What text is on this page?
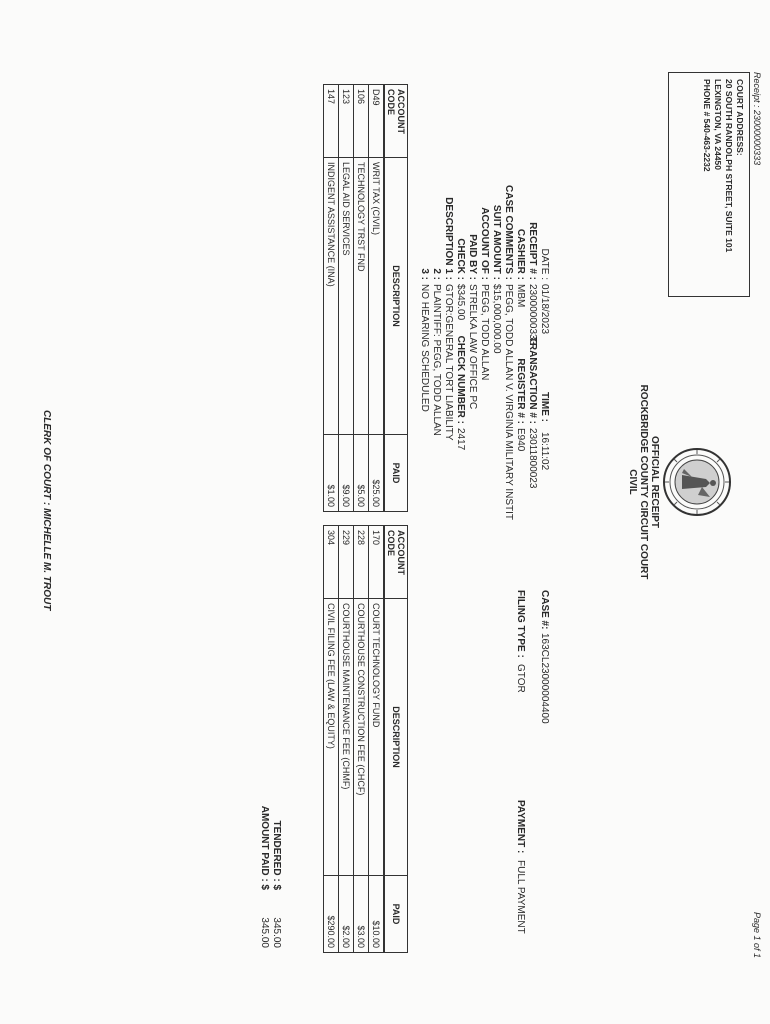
Receipt : 23000000333
Page 1 of 1
COURT ADDRESS:
20 SOUTH RANDOLPH STREET, SUITE 101
LEXINGTON, VA 24450
PHONE # 540-463-2232
OFFICIAL RECEIPT
ROCKBRIDGE COUNTY CIRCUIT COURT
CIVIL
DATE :
01/18/2023
TIME :
16:11:02
CASE #:
163CL23000004400
RECEIPT # :
23000000333
TRANSACTION # :
23011800023
CASHIER :
MBM
REGISTER # :
E940
FILING TYPE :
GTOR
PAYMENT :
FULL PAYMENT
CASE COMMENTS :
PEGG, TODD ALLAN V. VIRGINIA MILITARY INSTIT
SUIT AMOUNT :
$15,000,000.00
ACCOUNT OF :
PEGG, TODD ALLAN
PAID BY :
STRELKA LAW OFFICE PC
CHECK :
$345.00
CHECK NUMBER :
2417
DESCRIPTION 1 :
GTOR:GENERAL TORT LIABILITY
2 :
PLAINTIFF: PEGG, TODD ALLAN
3 :
NO HEARING SCHEDULED
ACCOUNT
CODE	DESCRIPTION	PAID
D49	WRIT TAX (CIVIL)	$25.00
106	TECHNOLOGY TRST FND	$5.00
123	LEGAL AID SERVICES	$9.00
147	INDIGENT ASSISTANCE (INA)	$1.00
ACCOUNT
CODE	DESCRIPTION	PAID
170	COURT TECHNOLOGY FUND	$10.00
228	COURTHOUSE CONSTRUCTION FEE (CHCF)	$3.00
229	COURTHOUSE MAINTENANCE FEE (CHMF)	$2.00
304	CIVIL FILING FEE (LAW & EQUITY)	$290.00
TENDERED : $
345.00
AMOUNT PAID : $
345.00
CLERK OF COURT : MICHELLE M. TROUT
